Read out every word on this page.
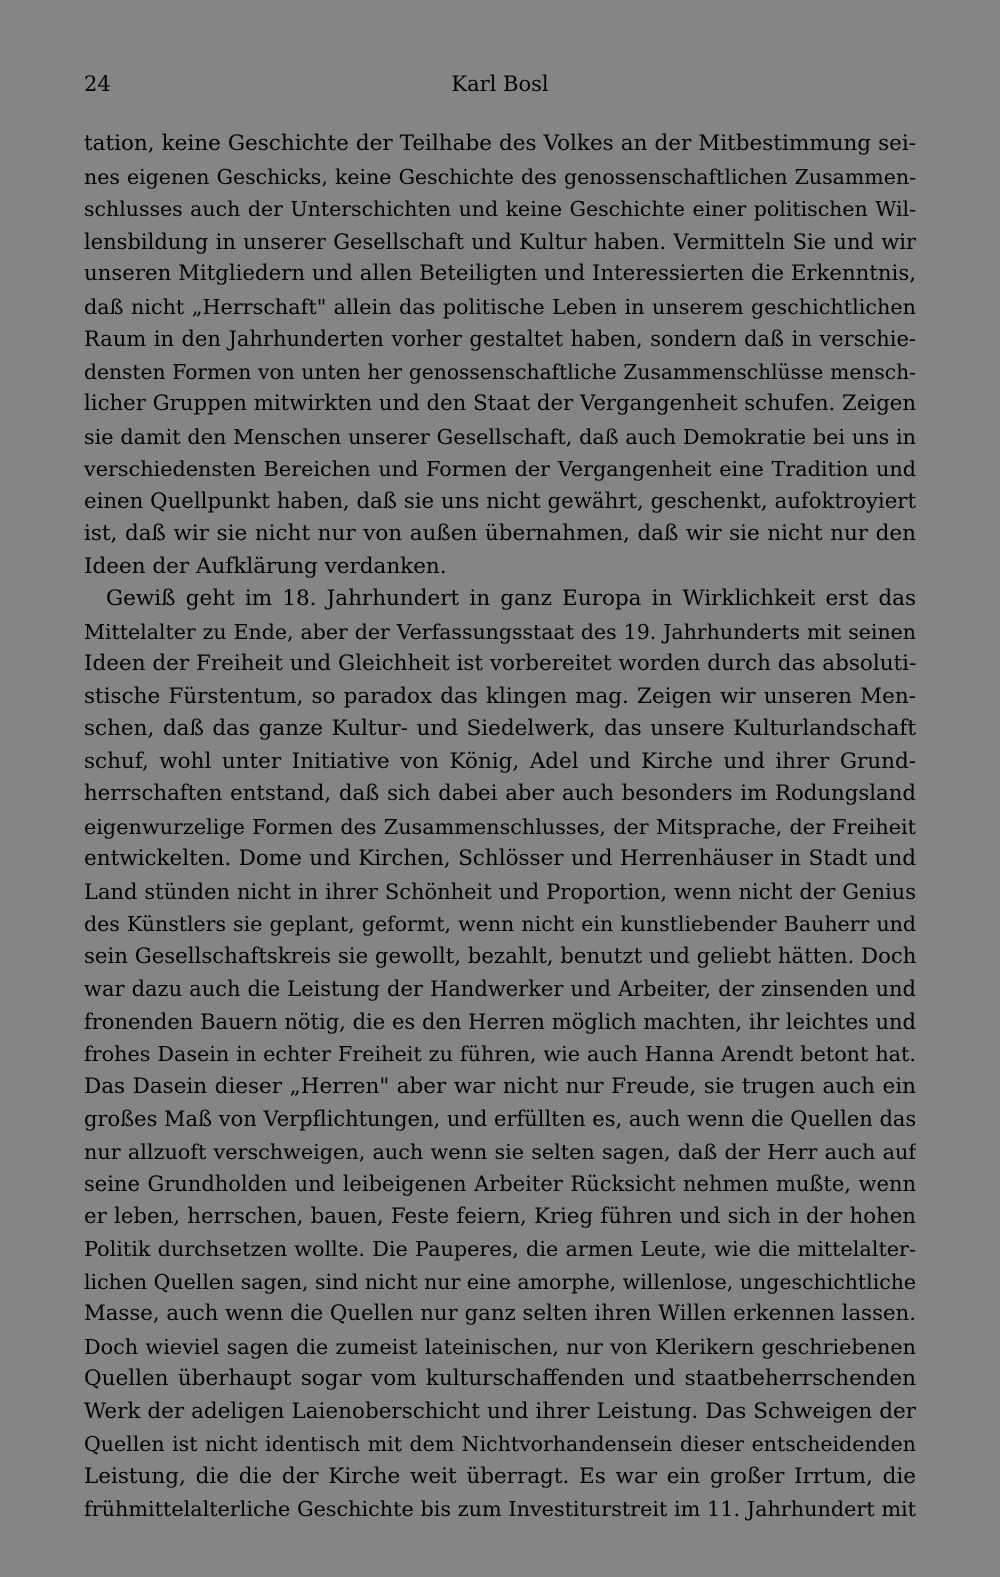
24	Karl Bosl
tation, keine Geschichte der Teilhabe des Volkes an der Mitbestimmung sei-
nes eigenen Geschicks, keine Geschichte des genossenschaftlichen Zusammen-
schlusses auch der Unterschichten und keine Geschichte einer politischen Wil-
lensbildung in unserer Gesellschaft und Kultur haben. Vermitteln Sie und wir
unseren Mitgliedern und allen Beteiligten und Interessierten die Erkenntnis,
daß nicht „Herrschaft" allein das politische Leben in unserem geschichtlichen
Raum in den Jahrhunderten vorher gestaltet haben, sondern daß in verschie-
densten Formen von unten her genossenschaftliche Zusammenschlüsse mensch-
licher Gruppen mitwirkten und den Staat der Vergangenheit schufen. Zeigen
sie damit den Menschen unserer Gesellschaft, daß auch Demokratie bei uns in
verschiedensten Bereichen und Formen der Vergangenheit eine Tradition und
einen Quellpunkt haben, daß sie uns nicht gewährt, geschenkt, aufoktroyiert
ist, daß wir sie nicht nur von außen übernahmen, daß wir sie nicht nur den
Ideen der Aufklärung verdanken.
Gewiß geht im 18. Jahrhundert in ganz Europa in Wirklichkeit erst das
Mittelalter zu Ende, aber der Verfassungsstaat des 19. Jahrhunderts mit seinen
Ideen der Freiheit und Gleichheit ist vorbereitet worden durch das absoluti-
stische Fürstentum, so paradox das klingen mag. Zeigen wir unseren Men-
schen, daß das ganze Kultur- und Siedelwerk, das unsere Kulturlandschaft
schuf, wohl unter Initiative von König, Adel und Kirche und ihrer Grund-
herrschaften entstand, daß sich dabei aber auch besonders im Rodungsland
eigenwurzelige Formen des Zusammenschlusses, der Mitsprache, der Freiheit
entwickelten. Dome und Kirchen, Schlösser und Herrenhäuser in Stadt und
Land stünden nicht in ihrer Schönheit und Proportion, wenn nicht der Genius
des Künstlers sie geplant, geformt, wenn nicht ein kunstliebender Bauherr und
sein Gesellschaftskreis sie gewollt, bezahlt, benutzt und geliebt hätten. Doch
war dazu auch die Leistung der Handwerker und Arbeiter, der zinsenden und
fronenden Bauern nötig, die es den Herren möglich machten, ihr leichtes und
frohes Dasein in echter Freiheit zu führen, wie auch Hanna Arendt betont hat.
Das Dasein dieser „Herren" aber war nicht nur Freude, sie trugen auch ein
großes Maß von Verpflichtungen, und erfüllten es, auch wenn die Quellen das
nur allzuoft verschweigen, auch wenn sie selten sagen, daß der Herr auch auf
seine Grundholden und leibeigenen Arbeiter Rücksicht nehmen mußte, wenn
er leben, herrschen, bauen, Feste feiern, Krieg führen und sich in der hohen
Politik durchsetzen wollte. Die Pauperes, die armen Leute, wie die mittelalter-
lichen Quellen sagen, sind nicht nur eine amorphe, willenlose, ungeschichtliche
Masse, auch wenn die Quellen nur ganz selten ihren Willen erkennen lassen.
Doch wieviel sagen die zumeist lateinischen, nur von Klerikern geschriebenen
Quellen überhaupt sogar vom kulturschaffenden und staatbeherrschenden
Werk der adeligen Laienoberschicht und ihrer Leistung. Das Schweigen der
Quellen ist nicht identisch mit dem Nichtvorhandensein dieser entscheidenden
Leistung, die die der Kirche weit überragt. Es war ein großer Irrtum, die
frühmittelalterliche Geschichte bis zum Investiturstreit im 11. Jahrhundert mit
